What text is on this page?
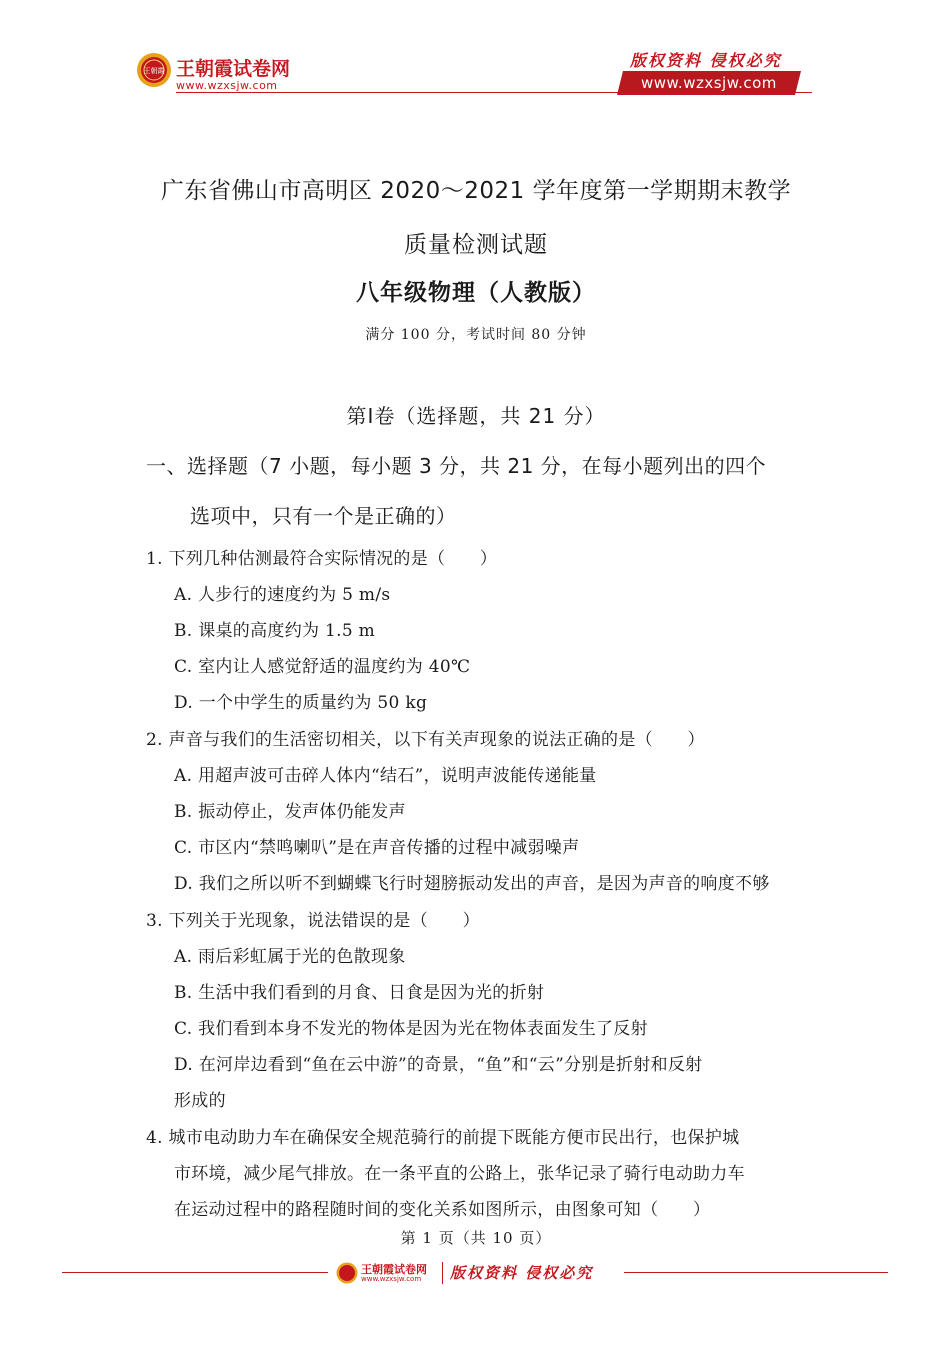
王朝霞 王朝霞试卷网
www.wzxsjw.com
版权资料 侵权必究
www.wzxsjw.com
广东省佛山市高明区 2020～2021 学年度第一学期期末教学
质量检测试题
八年级物理（人教版）
满分 100 分，考试时间 80 分钟
第Ⅰ卷（选择题，共 21 分）
一、选择题（7 小题，每小题 3 分，共 21 分，在每小题列出的四个
选项中，只有一个是正确的）
1. 下列几种估测最符合实际情况的是（　　）
A. 人步行的速度约为 5 m/s
B. 课桌的高度约为 1.5 m
C. 室内让人感觉舒适的温度约为 40℃
D. 一个中学生的质量约为 50 kg
2. 声音与我们的生活密切相关，以下有关声现象的说法正确的是（　　）
A. 用超声波可击碎人体内“结石”，说明声波能传递能量
B. 振动停止，发声体仍能发声
C. 市区内“禁鸣喇叭”是在声音传播的过程中减弱噪声
D. 我们之所以听不到蝴蝶飞行时翅膀振动发出的声音，是因为声音的响度不够
3. 下列关于光现象，说法错误的是（　　）
A. 雨后彩虹属于光的色散现象
B. 生活中我们看到的月食、日食是因为光的折射
C. 我们看到本身不发光的物体是因为光在物体表面发生了反射
D. 在河岸边看到“鱼在云中游”的奇景，“鱼”和“云”分别是折射和反射
形成的
4. 城市电动助力车在确保安全规范骑行的前提下既能方便市民出行，也保护城
市环境，减少尾气排放。在一条平直的公路上，张华记录了骑行电动助力车
在运动过程中的路程随时间的变化关系如图所示，由图象可知（　　）
第 1 页（共 10 页）
王朝霞试卷网
www.wzxsjw.com 版权资料 侵权必究
